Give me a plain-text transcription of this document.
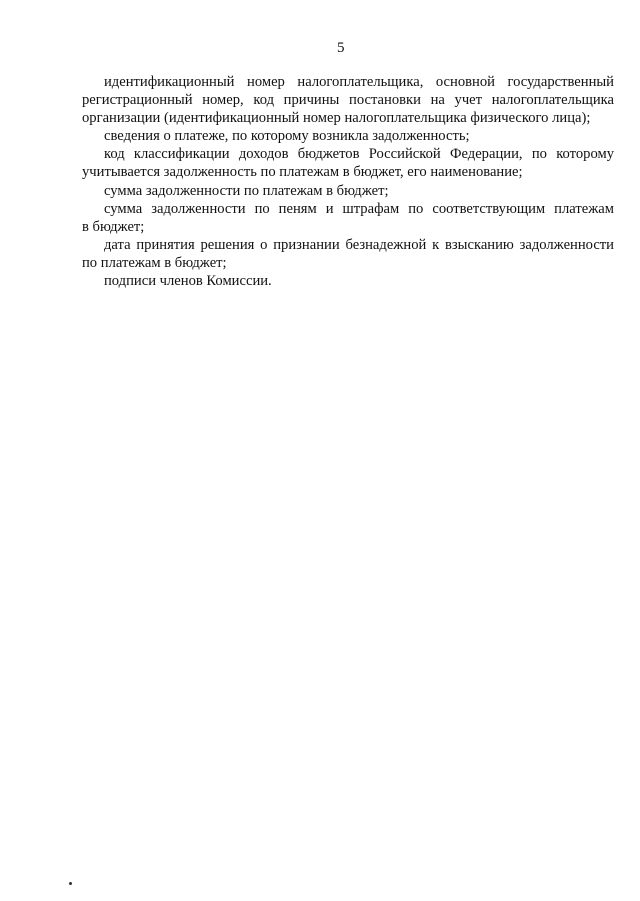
5
идентификационный номер налогоплательщика, основной государственный
регистрационный номер, код причины постановки на учет налогоплательщика
организации (идентификационный номер налогоплательщика физического лица);
сведения о платеже, по которому возникла задолженность;
код классификации доходов бюджетов Российской Федерации, по которому
учитывается задолженность по платежам в бюджет, его наименование;
сумма задолженности по платежам в бюджет;
сумма задолженности по пеням и штрафам по соответствующим платежам
в бюджет;
дата принятия решения о признании безнадежной к взысканию задолженности
по платежам в бюджет;
подписи членов Комиссии.
